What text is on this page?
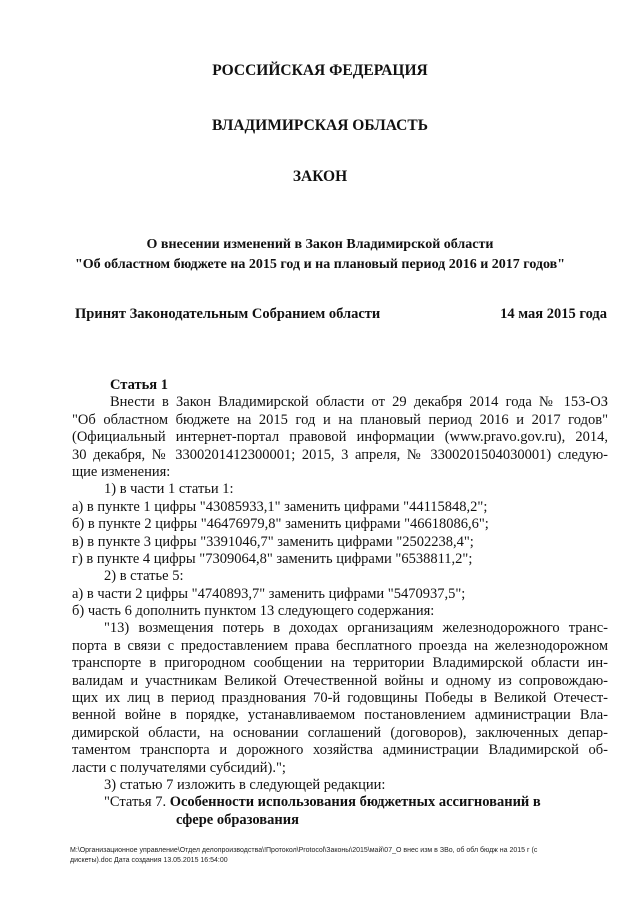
РОССИЙСКАЯ ФЕДЕРАЦИЯ
ВЛАДИМИРСКАЯ ОБЛАСТЬ
ЗАКОН
О внесении изменений в Закон Владимирской области
"Об областном бюджете на 2015 год и на плановый период 2016 и 2017 годов"
Принят Законодательным Собранием области	14 мая 2015 года
Статья 1
Внести в Закон Владимирской области от 29 декабря 2014 года № 153-ОЗ
"Об областном бюджете на 2015 год и на плановый период 2016 и 2017 годов"
(Официальный интернет-портал правовой информации (www.pravo.gov.ru), 2014,
30 декабря, № 3300201412300001; 2015, 3 апреля, № 3300201504030001) следую-
щие изменения:
1) в части 1 статьи 1:
а) в пункте 1 цифры "43085933,1" заменить цифрами "44115848,2";
б) в пункте 2 цифры "46476979,8" заменить цифрами "46618086,6";
в) в пункте 3 цифры "3391046,7" заменить цифрами "2502238,4";
г) в пункте 4 цифры "7309064,8" заменить цифрами "6538811,2";
2) в статье 5:
а) в части 2 цифры "4740893,7" заменить цифрами "5470937,5";
б) часть 6 дополнить пунктом 13 следующего содержания:
"13) возмещения потерь в доходах организациям железнодорожного транс-
порта в связи с предоставлением права бесплатного проезда на железнодорожном
транспорте в пригородном сообщении на территории Владимирской области ин-
валидам и участникам Великой Отечественной войны и одному из сопровождаю-
щих их лиц в период празднования 70-й годовщины Победы в Великой Отечест-
венной войне в порядке, устанавливаемом постановлением администрации Вла-
димирской области, на основании соглашений (договоров), заключенных депар-
таментом транспорта и дорожного хозяйства администрации Владимирской об-
ласти с получателями субсидий).";
3) статью 7 изложить в следующей редакции:
"Статья 7. Особенности использования бюджетных ассигнований в
сфере образования
М:\Организационное управление\Отдел делопроизводства\!Протокол\Protocol\Законы\2015\май\07_О внес изм в ЗВо, об обл бюдж на 2015 г (с
дискеты).doc Дата создания 13.05.2015 16:54:00
